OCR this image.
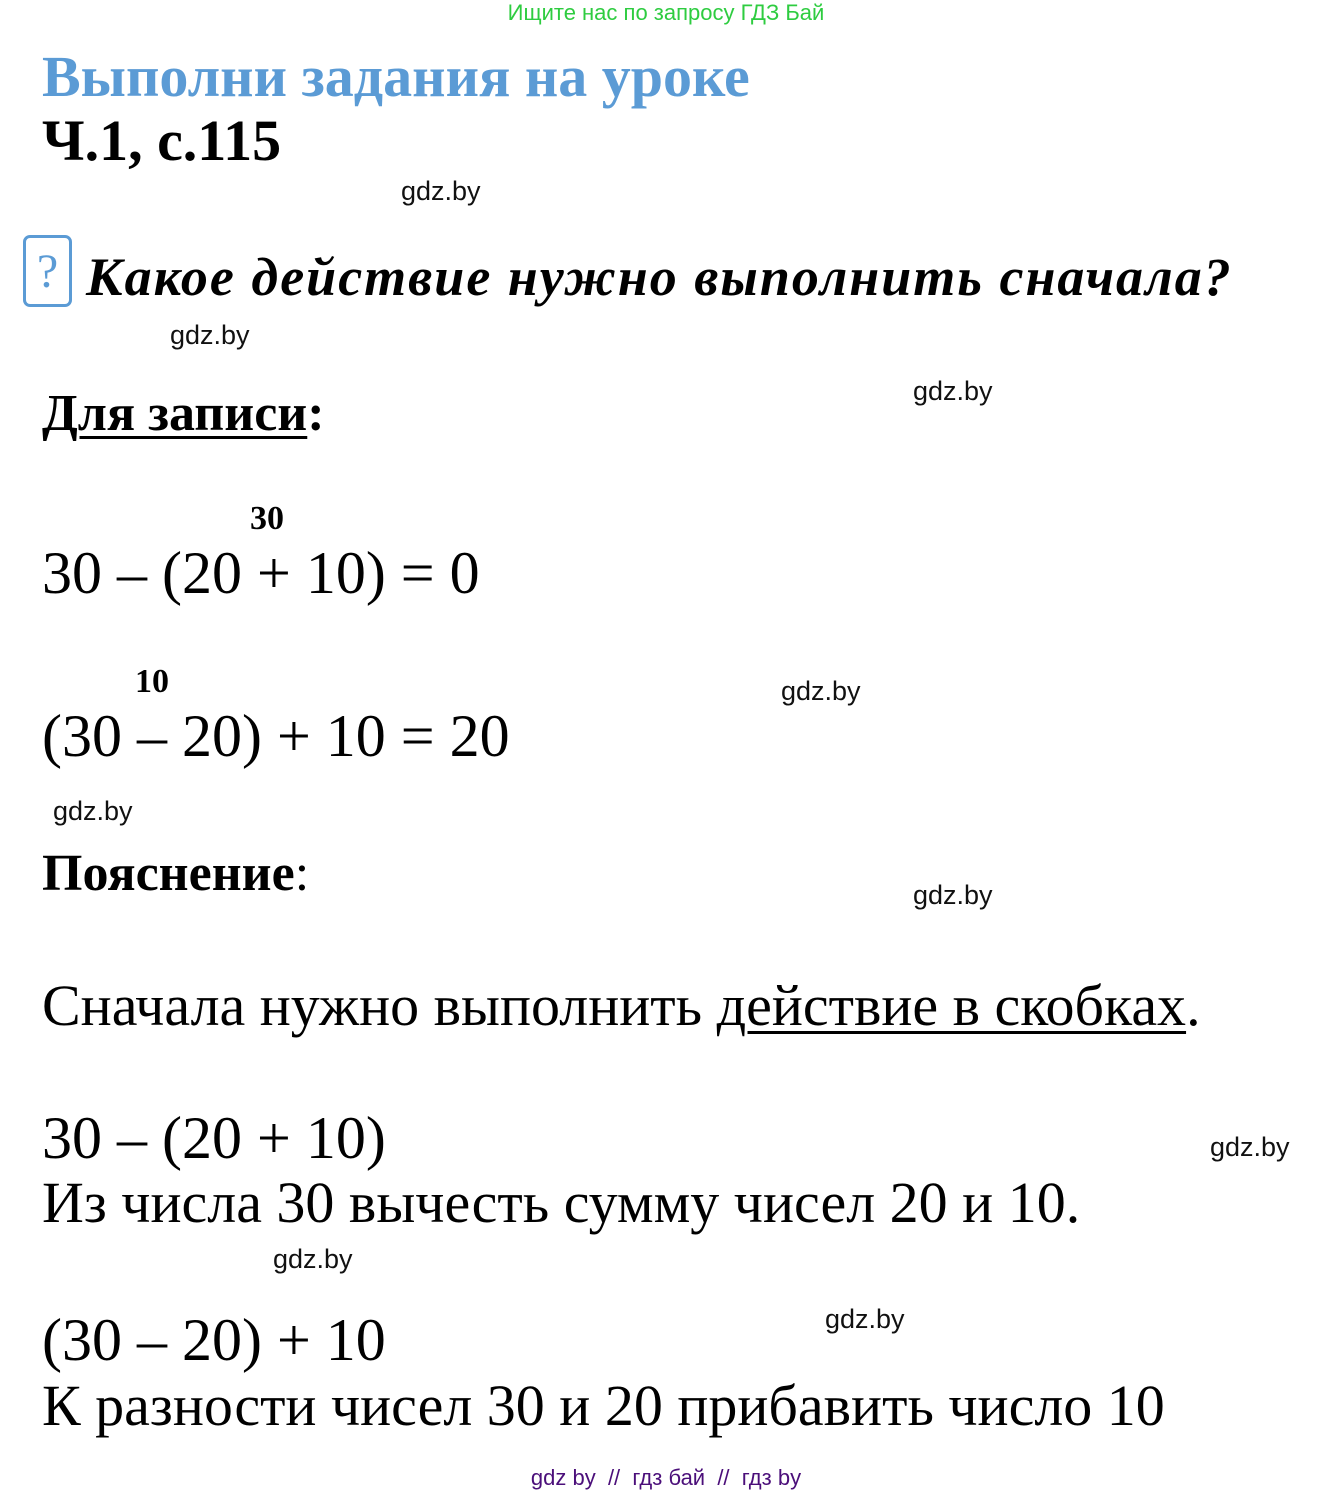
Ищите нас по запросу ГДЗ Бай
Выполни задания на уроке
Ч.1, с.115
gdz.by
? Какое действие нужно выполнить сначала?
gdz.by
Для записи:	gdz.by
30
30 – (20 + 10) = 0
10	gdz.by
(30 – 20) + 10 = 20
gdz.by
Пояснение:	gdz.by
Сначала нужно выполнить действие в скобках.
30 – (20 + 10)	gdz.by
Из числа 30 вычесть сумму чисел 20 и 10.
gdz.by
gdz.by
(30 – 20) + 10
К разности чисел 30 и 20 прибавить число 10
gdz by  //  гдз бай  //  гдз by
